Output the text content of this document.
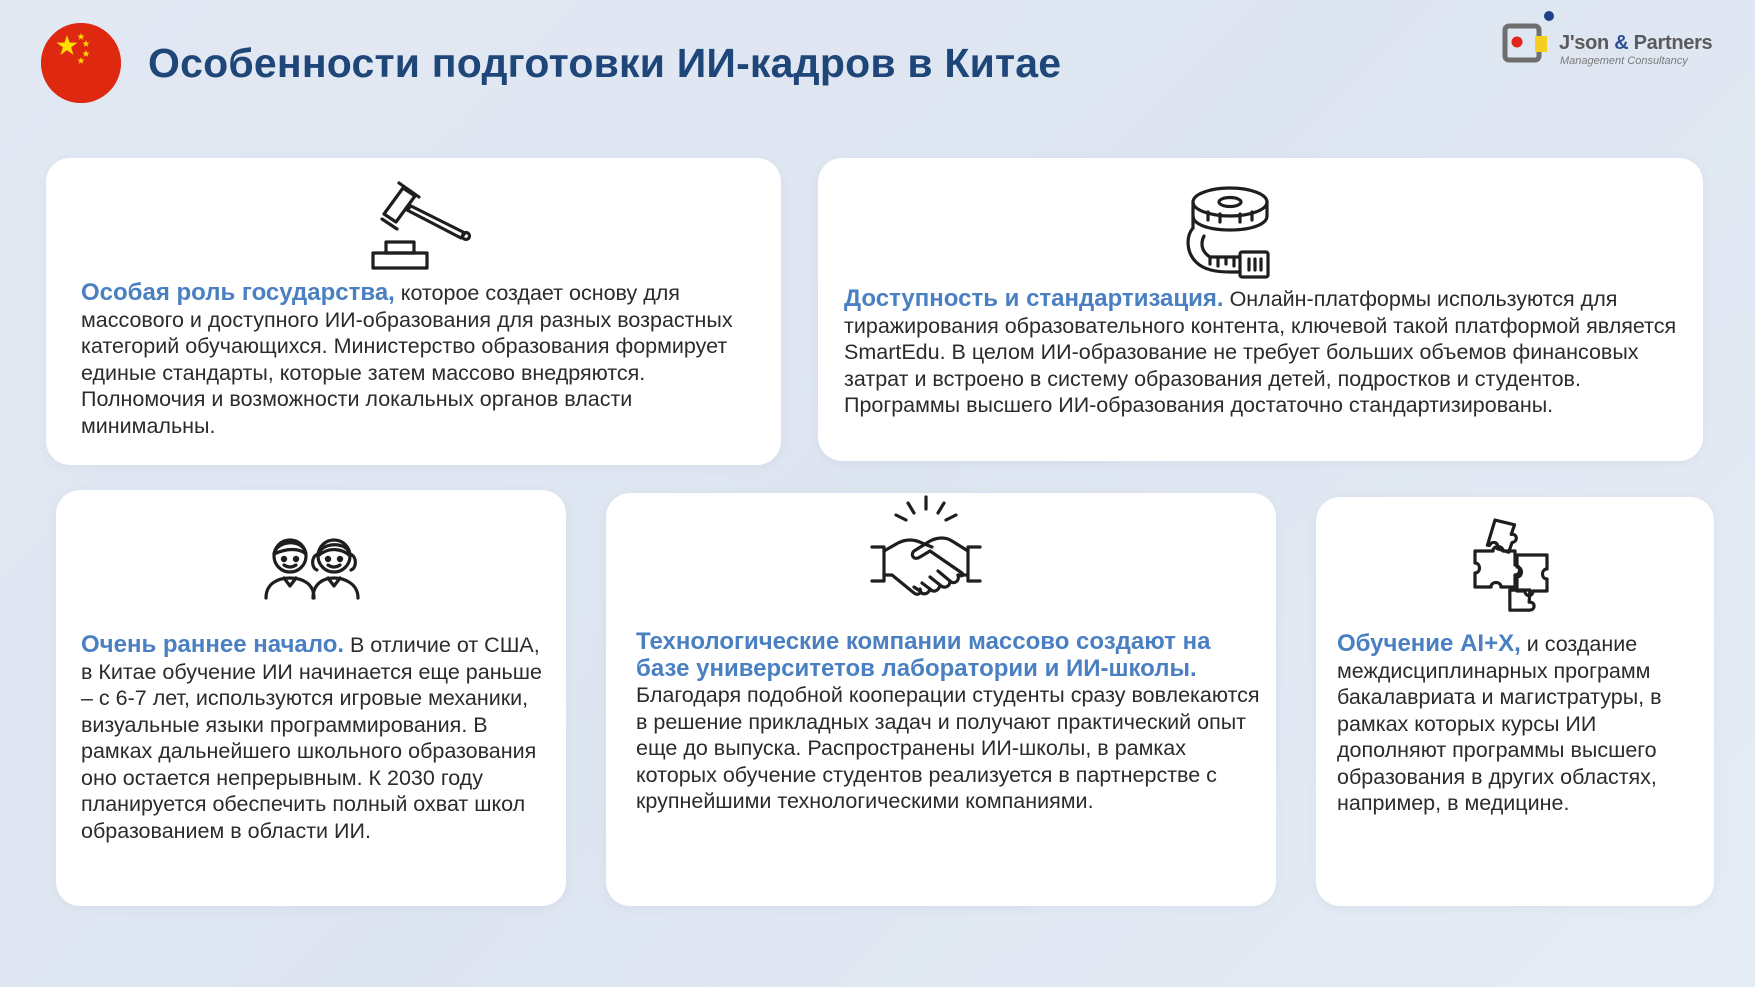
Особенности подготовки ИИ-кадров в Китае	J'son & Partners
Management Consultancy

Особая роль государства, которое создает основу для массового и доступного ИИ-образования для разных возрастных категорий обучающихся. Министерство образования формирует единые стандарты, которые затем массово внедряются. Полномочия и возможности локальных органов власти минимальны.

Доступность и стандартизация. Онлайн-платформы используются для тиражирования образовательного контента, ключевой такой платформой является SmartEdu. В целом ИИ-образование не требует больших объемов финансовых затрат и встроено в систему образования детей, подростков и студентов. Программы высшего ИИ-образования достаточно стандартизированы.

Очень раннее начало. В отличие от США, в Китае обучение ИИ начинается еще раньше – с 6-7 лет, используются игровые механики, визуальные языки программирования. В рамках дальнейшего школьного образования оно остается непрерывным. К 2030 году планируется обеспечить полный охват школ образованием в области ИИ.

Технологические компании массово создают на базе университетов лаборатории и ИИ-школы. Благодаря подобной кооперации студенты сразу вовлекаются в решение прикладных задач и получают практический опыт еще до выпуска. Распространены ИИ-школы, в рамках которых обучение студентов реализуется в партнерстве с крупнейшими технологическими компаниями.

Обучение AI+X, и создание междисциплинарных программ бакалавриата и магистратуры, в рамках которых курсы ИИ дополняют программы высшего образования в других областях, например, в медицине.
